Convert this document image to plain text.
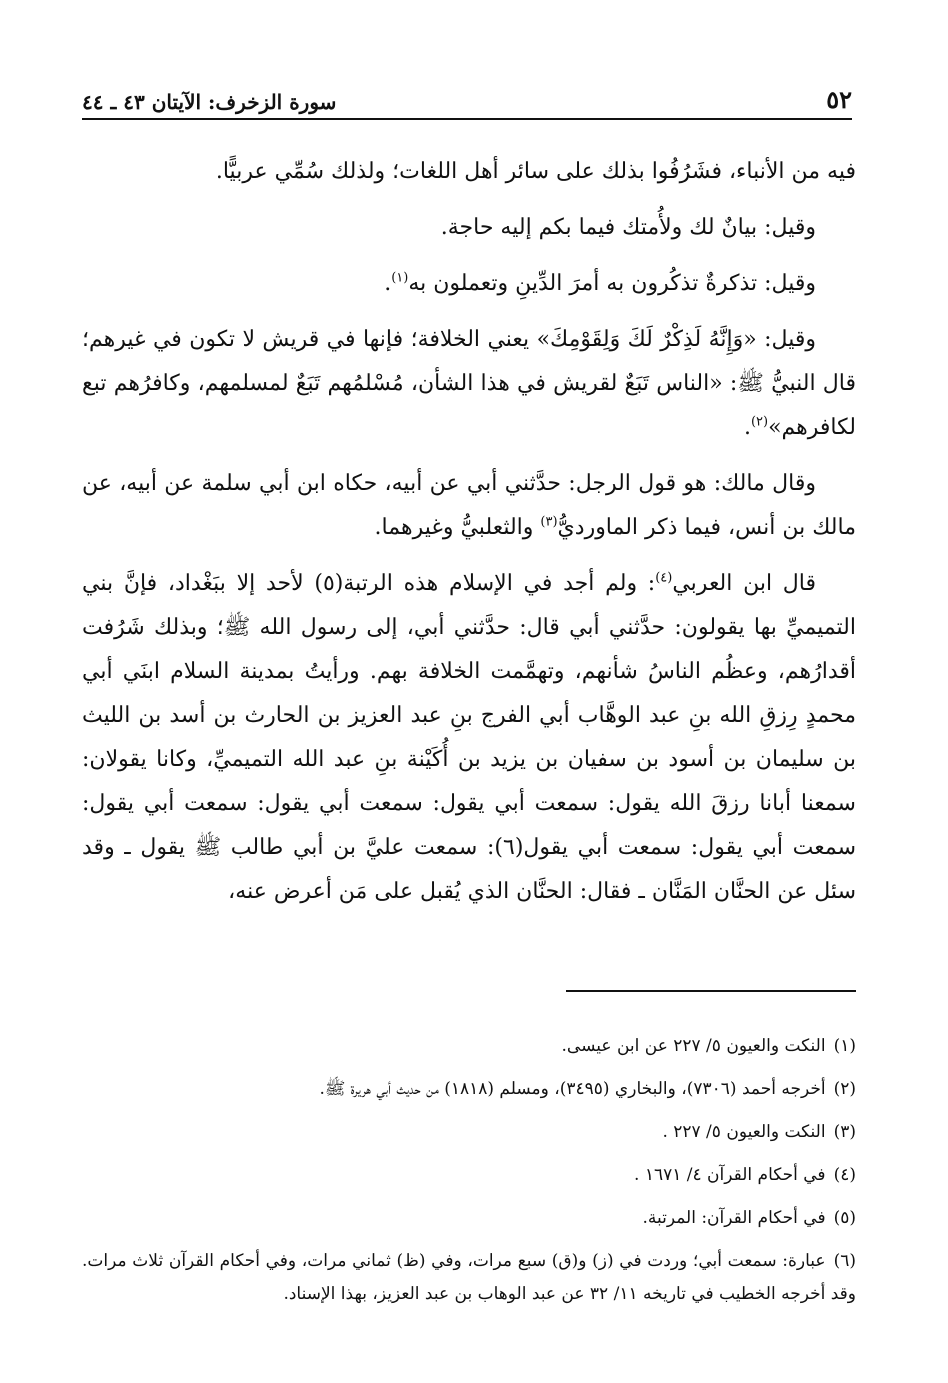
٥٢
سورة الزخرف: الآيتان ٤٣ ـ ٤٤

فيه من الأنباء، فشَرُفُوا بذلك على سائر أهل اللغات؛ ولذلك سُمِّي عربيًّا.

وقيل: بيانٌ لك ولأُمتك فيما بكم إليه حاجة.

وقيل: تذكرةٌ تذكُرون به أمرَ الدِّينِ وتعملون به$^{(١)}$.

وقيل: «وَإِنَّهُ لَذِكْرٌ لَكَ وَلِقَوْمِكَ» يعني الخلافة؛ فإنها في قريش لا تكون في غيرهم؛ قال النبيُّ ﷺ: «الناس تَبَعٌ لقريش في هذا الشأن، مُسْلمُهم تَبَعٌ لمسلمهم، وكافرُهم تبع لكافرهم»$^{(٢)}$.

وقال مالك: هو قول الرجل: حدَّثني أبي عن أبيه، حكاه ابن أبي سلمة عن أبيه، عن مالك بن أنس، فيما ذكر الماورديُّ$^{(٣)}$ والثعلبيُّ وغيرهما.

قال ابن العربي$^{(٤)}$: ولم أجد في الإسلام هذه الرتبة(٥) لأحد إلا ببَغْداد، فإنَّ بني التميميِّ بها يقولون: حدَّثني أبي قال: حدَّثني أبي، إلى رسول الله ﷺ؛ وبذلك شَرُفت أقدارُهم، وعظُم الناسُ شأنهم، وتهمَّمت الخلافة بهم. ورأيتُ بمدينة السلام ابنَي أبي محمدٍ رِزقِ الله بنِ عبد الوهَّاب أبي الفرج بنِ عبد العزيز بن الحارث بن أسد بن الليث بن سليمان بن أسود بن سفيان بن يزيد بن أُكَيْنة بنِ عبد الله التميميِّ، وكانا يقولان: سمعنا أبانا رزقَ الله يقول: سمعت أبي يقول: سمعت أبي يقول: سمعت أبي يقول: سمعت أبي يقول: سمعت أبي يقول(٦): سمعت عليَّ بن أبي طالب ﷺ يقول ـ وقد سئل عن الحنَّان المَنَّان ـ فقال: الحنَّان الذي يُقبل على مَن أعرض عنه،

(١)النكت والعيون ٥/ ٢٢٧ عن ابن عيسى.
(٢)أخرجه أحمد (٧٣٠٦)، والبخاري (٣٤٩٥)، ومسلم (١٨١٨) من حديث أبي هريرة ﷺ.
(٣)النكت والعيون ٥/ ٢٢٧ .
(٤)في أحكام القرآن ٤/ ١٦٧١ .
(٥)في أحكام القرآن: المرتبة.
(٦)عبارة: سمعت أبي؛ وردت في (ز) و(ق) سبع مرات، وفي (ظ) ثماني مرات، وفي أحكام القرآن ثلاث مرات. وقد أخرجه الخطيب في تاريخه ١١/ ٣٢ عن عبد الوهاب بن عبد العزيز، بهذا الإسناد.
